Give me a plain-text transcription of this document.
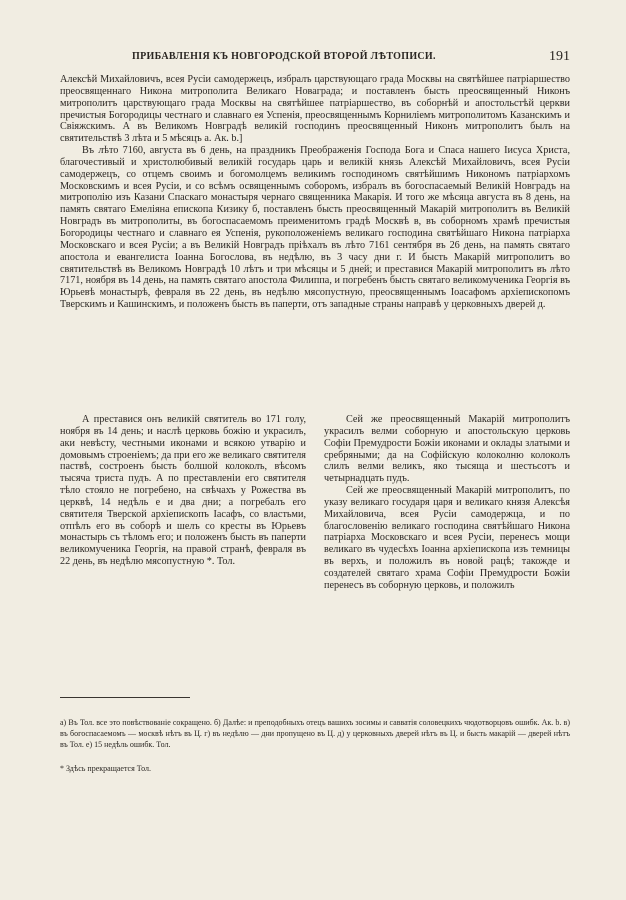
ПРИБАВЛЕНIЯ КЪ НОВГОРОДСКОЙ ВТОРОЙ ЛѢТОПИСИ.	191

Алексѣй Михайловичъ, всея Русiи самодержецъ, избралъ царствующаго града Москвы на святѣйшее патрiаршество преосвященнаго Никона митрополита Великаго Новаграда; и поставленъ бысть преосвященный Никонъ митрополитъ царствующаго града Москвы на святѣйшее патрiаршество, въ соборнѣй и апостольстѣй церкви пречистыя Богородицы честнаго и славнаго ея Успенiя, преосвященнымъ Корнилiемъ митрополитомъ Казанскимъ и Свiяжскимъ. А въ Великомъ Новградѣ великiй господинъ преосвященный Никонъ митрополитъ былъ на святительствѣ 3 лѣта и 5 мѣсяцъ а. Ак. b.]

Въ лѣто 7160, августа въ 6 день, на праздникъ Преображенiя Господа Бога и Спаса нашего Iисуса Христа, благочестивый и христолюбивый великiй государь царь и великiй князь Алексѣй Михайловичъ, всея Русiи самодержецъ, со отцемъ своимъ и богомолцемъ великимъ господиномъ святѣйшимъ Никономъ патрiархомъ Московскимъ и всея Русiи, и со всѣмъ освященнымъ соборомъ, избралъ въ богоспасаемый Великiй Новградъ на митрополiю изъ Казани Спаскаго монастыря чернаго священника Макарiя. И того же мѣсяца августа въ 8 день, на память святаго Емелiяна епископа Кизику б, поставленъ бысть преосвященный Макарiй митрополитъ въ Великiй Новградъ въ митрополиты, въ богоспасаемомъ преименитомъ градѣ Москвѣ в, въ соборномъ храмѣ пречистыя Богородицы честнаго и славнаго ея Успенiя, рукоположенiемъ великаго господина святѣйшаго Никона патрiарха Московскаго и всея Русiи; а въ Великiй Новградъ прiѣхалъ въ лѣто 7161 сентября въ 26 день, на память святаго апостола и евангелиста Iоанна Богослова, въ недѣлю, въ 3 часу дни г. И бысть Макарiй митрополитъ во святительствѣ въ Великомъ Новградѣ 10 лѣтъ и три мѣсяцы и 5 дней; и преставися Макарiй митрополитъ въ лѣто 7171, ноября въ 14 день, на память святаго апостола Филиппа, и погребенъ бысть святаго великомученика Георгiя въ Юрьевѣ монастырѣ, февраля въ 22 день, въ недѣлю мясопустную, преосвященнымъ Iоасафомъ архiепископомъ Тверскимъ и Кашинскимъ, и положенъ бысть въ паперти, отъ западные страны направѣ у церковныхъ дверей д.

А преставися онъ великiй святитель во 171 голу, ноября въ 14 день; и наслѣ церковь божiю и украсилъ, аки невѣсту, честными иконами и всякою утварiю и домовымъ строенiемъ; да при его же великаго святителя паствѣ, состроенъ бысть болшой колоколъ, вѣсомъ тысяча триста пудъ. А по преставленiи его святителя тѣло стояло не погребено, на свѣчахъ у Рожества въ церквѣ, 14 недѣль е и два дни; а погребалъ его святителя Тверской архiепископъ Iасафъ, со властьми, отпѣлъ его въ соборѣ и шелъ со кресты въ Юрьевъ монастырь съ тѣломъ его; и положенъ бысть въ паперти великомученика Георгiя, на правой странѣ, февраля въ 22 день, въ недѣлю мясопустную *. Тол.

Сей же преосвященный Макарiй митрополитъ украсилъ велми соборную и апостольскую церковь Софiи Премудрости Божiи иконами и оклады златыми и сребряными; да на Софiйскую колоколню колоколъ слилъ велми великъ, яко тысяща и шестьсотъ и четырнадцать пудъ.

Сей же преосвященный Макарiй митрополитъ, по указу великаго государя царя и великаго князя Алексѣя Михайловича, всея Русiи самодержца, и по благословенiю великаго господина святѣйшаго Никона патрiарха Московскаго и всея Русiи, перенесъ мощи великаго въ чудесѣхъ Iоанна архiепископа изъ темницы въ верхъ, и положилъ въ новой рацѣ; такожде и создателей святаго храма Софiи Премудрости Божiи перенесъ въ соборную церковь, и положилъ

а) Въ Тол. все это повѣствованiе сокращено. б) Далѣе: и преподобныхъ отецъ вашихъ зосимы и савватiя соловецкихъ чюдотворцовъ ошибк. Ак. b. в) въ богоспасаемомъ — москвѣ нѣтъ въ Ц. г) въ недѣлю — дни пропущено въ Ц. д) у церковныхъ дверей нѣтъ въ Ц. и бысть макарiй — дверей нѣтъ въ Тол. е) 15 недѣль ошибк. Тол.

* Здѣсь прекращается Тол.
